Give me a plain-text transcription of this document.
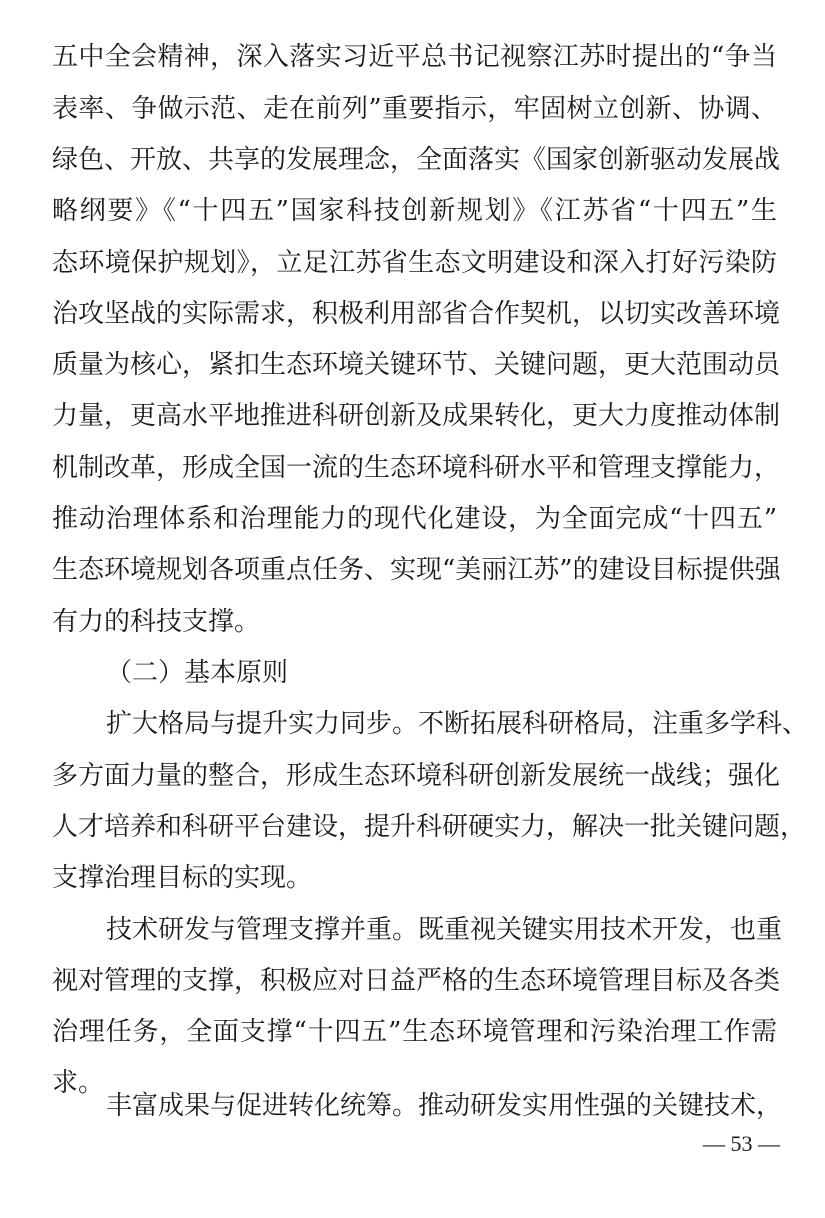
五中全会精神，深入落实习近平总书记视察江苏时提出的“争当
表率、争做示范、走在前列”重要指示，牢固树立创新、协调、
绿色、开放、共享的发展理念，全面落实《国家创新驱动发展战
略纲要》《“十四五”国家科技创新规划》《江苏省“十四五”生
态环境保护规划》，立足江苏省生态文明建设和深入打好污染防
治攻坚战的实际需求，积极利用部省合作契机，以切实改善环境
质量为核心，紧扣生态环境关键环节、关键问题，更大范围动员
力量，更高水平地推进科研创新及成果转化，更大力度推动体制
机制改革，形成全国一流的生态环境科研水平和管理支撑能力，
推动治理体系和治理能力的现代化建设，为全面完成“十四五”
生态环境规划各项重点任务、实现“美丽江苏”的建设目标提供强
有力的科技支撑。
（二）基本原则
扩大格局与提升实力同步。不断拓展科研格局，注重多学科、
多方面力量的整合，形成生态环境科研创新发展统一战线；强化
人才培养和科研平台建设，提升科研硬实力，解决一批关键问题，
支撑治理目标的实现。
技术研发与管理支撑并重。既重视关键实用技术开发，也重
视对管理的支撑，积极应对日益严格的生态环境管理目标及各类
治理任务，全面支撑“十四五”生态环境管理和污染治理工作需
求。
丰富成果与促进转化统筹。推动研发实用性强的关键技术，
— 53 —
